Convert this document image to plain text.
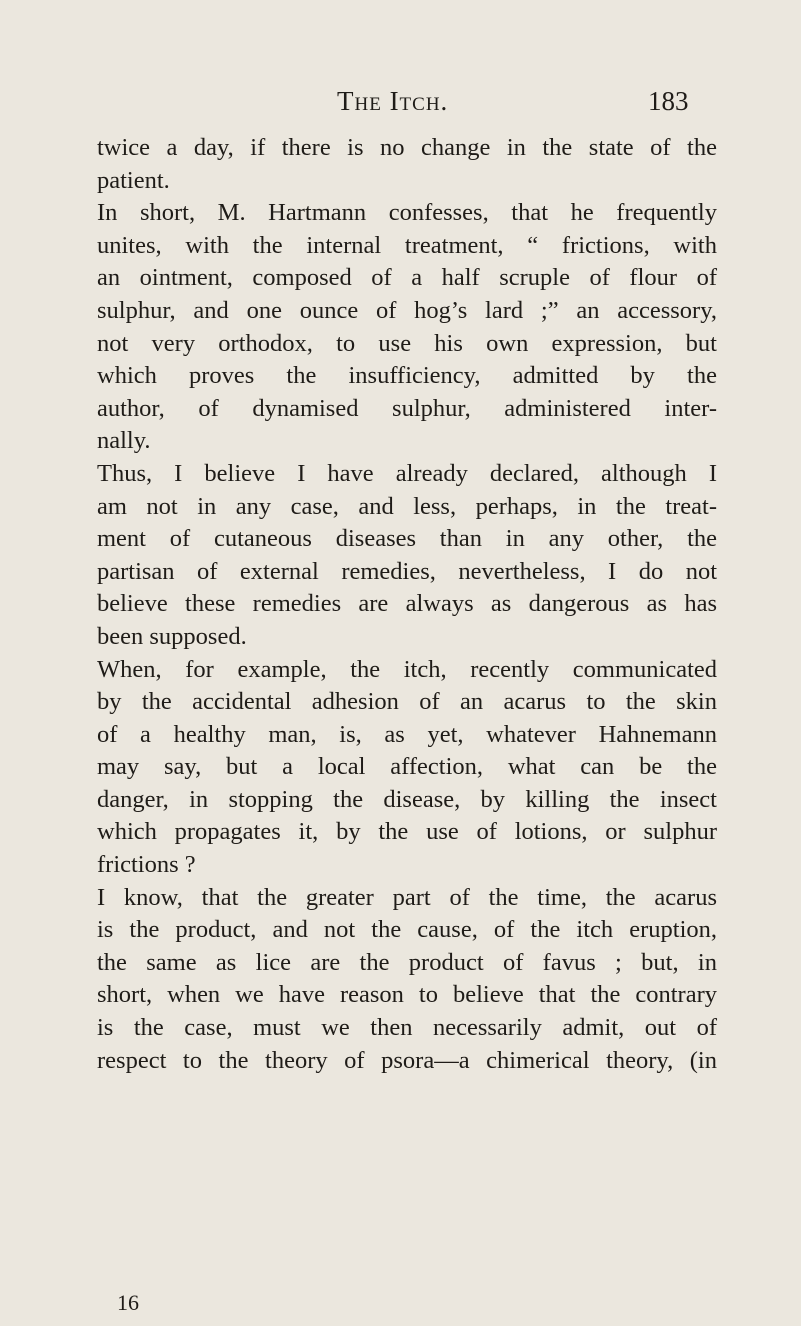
The Itch.	183
twice a day, if there is no change in the state of the
patient.
In short, M. Hartmann confesses, that he frequently
unites, with the internal treatment, “ frictions, with
an ointment, composed of a half scruple of flour of
sulphur, and one ounce of hog’s lard ;” an accessory,
not very orthodox, to use his own expression, but
which proves the insufficiency, admitted by the
author, of dynamised sulphur, administered inter-
nally.
Thus, I believe I have already declared, although I
am not in any case, and less, perhaps, in the treat-
ment of cutaneous diseases than in any other, the
partisan of external remedies, nevertheless, I do not
believe these remedies are always as dangerous as has
been supposed.
When, for example, the itch, recently communicated
by the accidental adhesion of an acarus to the skin
of a healthy man, is, as yet, whatever Hahnemann
may say, but a local affection, what can be the
danger, in stopping the disease, by killing the insect
which propagates it, by the use of lotions, or sulphur
frictions ?
I know, that the greater part of the time, the acarus
is the product, and not the cause, of the itch eruption,
the same as lice are the product of favus ; but, in
short, when we have reason to believe that the contrary
is the case, must we then necessarily admit, out of
respect to the theory of psora—a chimerical theory, (in
16
